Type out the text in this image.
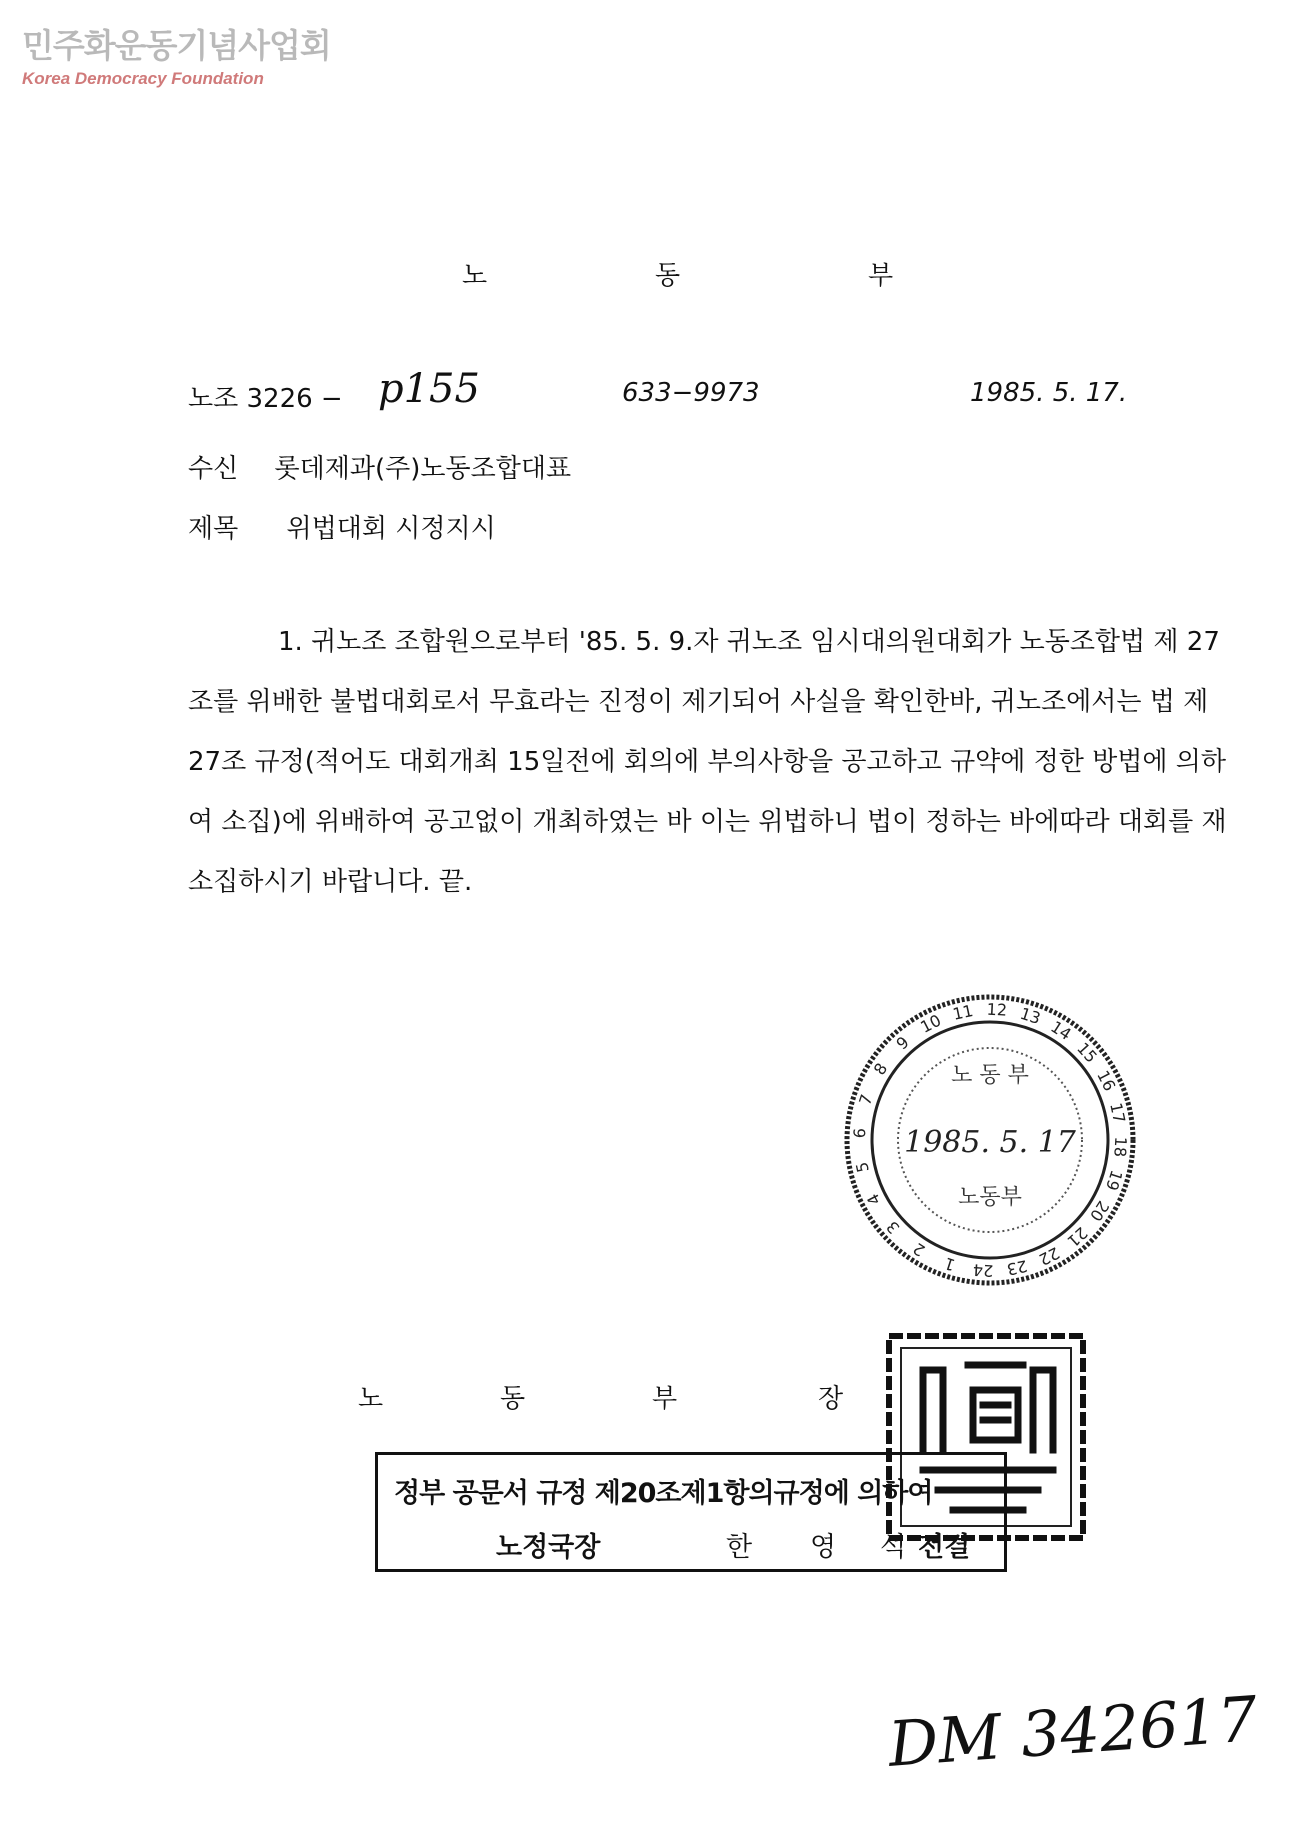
민주화운동기념사업회
Korea Democracy Foundation
노	동	부
노조 3226 − p155	633−9973	1985. 5. 17.
수신 롯데제과(주)노동조합대표
제목 위법대회 시정지시

1. 귀노조 조합원으로부터 '85. 5. 9.자 귀노조 임시대의원대회가 노동조합법 제 27조를 위배한 불법대회로서 무효라는 진정이 제기되어 사실을 확인한바, 귀노조에서는 법 제 27조 규정(적어도 대회개최 15일전에 회의에 부의사항을 공고하고 규약에 정한 방법에 의하여 소집)에 위배하여 공고없이 개최하였는 바 이는 위법하니 법이 정하는 바에따라 대회를 재소집하시기 바랍니다. 끝.

1
2
3
4
5
6
7
8
9
10 11 12 13
14
15
16
17
18
19
20
21
22
23
24
노 동 부
1985. 5. 17
노동부
노	동	부	장
정부 공문서 규정 제20조제1항의규정에 의하여
노정국장	한 영 석 전결
DM 342617
